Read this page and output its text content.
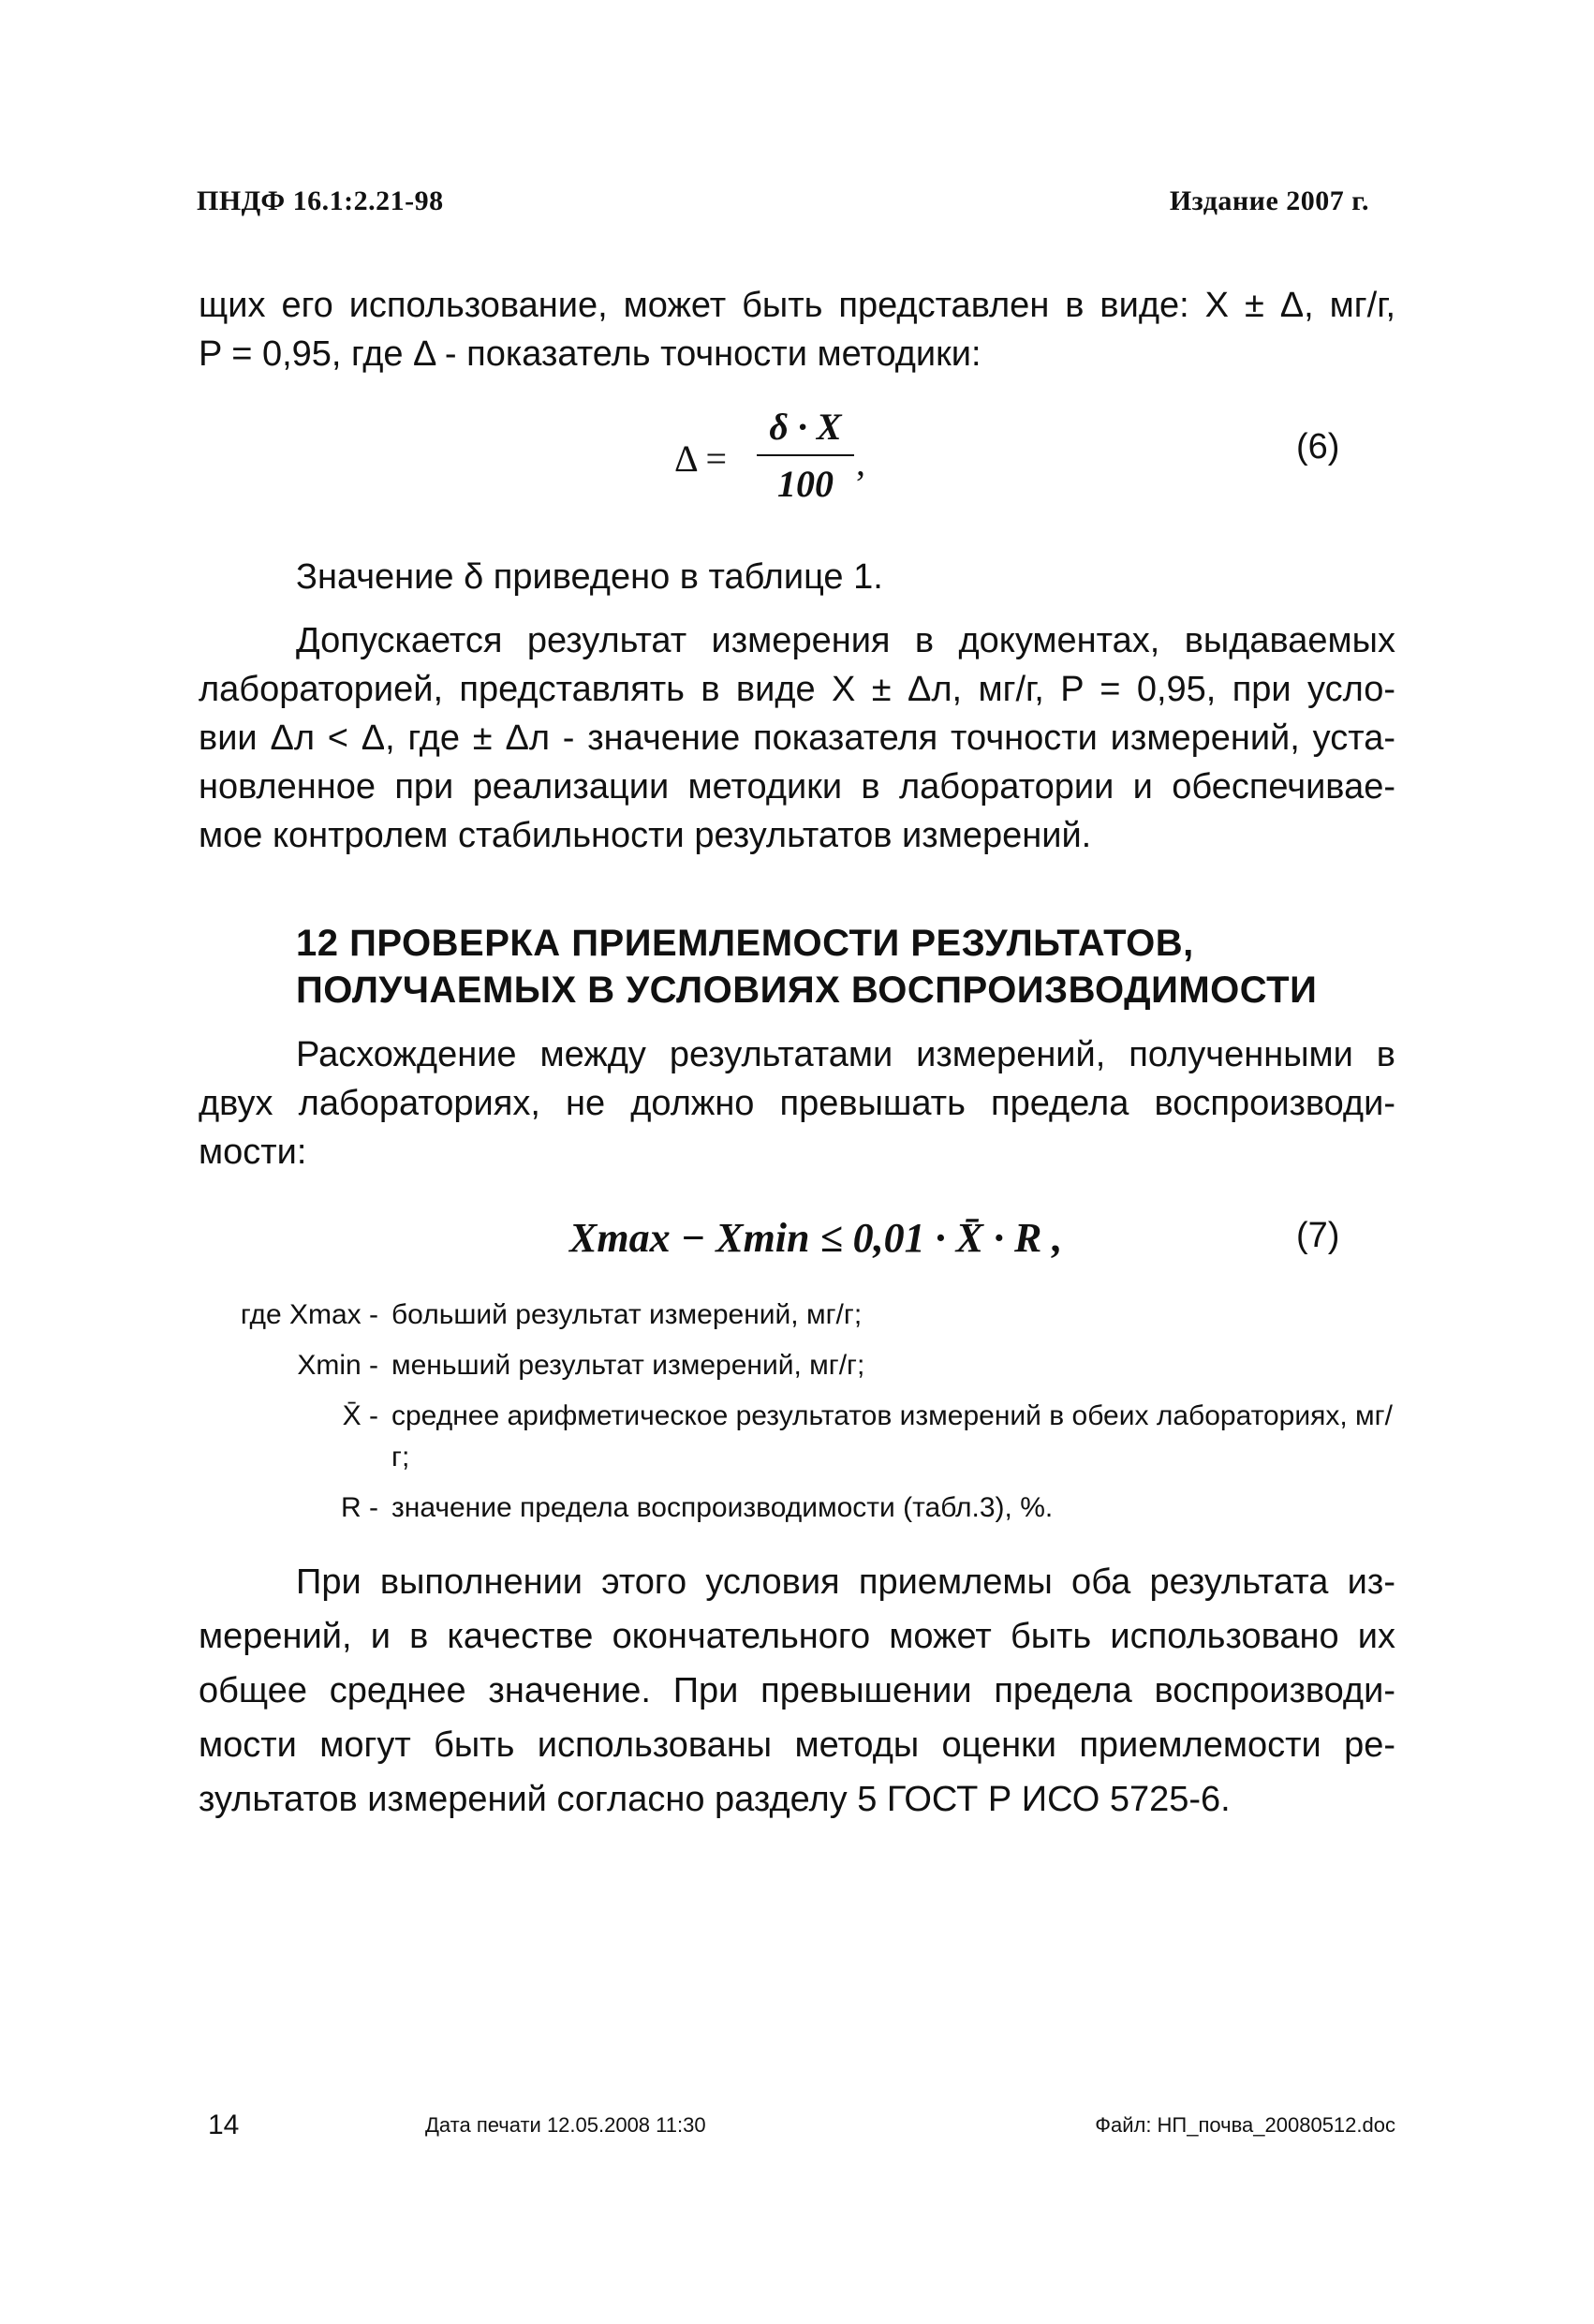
ПНДФ 16.1:2.21-98	Издание 2007 г.
щих его использование, может быть представлен в виде: X ± Δ, мг/г,
P = 0,95, где Δ - показатель точности методики:
Δ =
δ · X
100
,	(6)
Значение δ приведено в таблице 1.
Допускается результат измерения в документах, выдаваемых
лабораторией, представлять в виде X ± Δл, мг/г, P = 0,95, при усло-
вии Δл < Δ, где ± Δл - значение показателя точности измерений, уста-
новленное при реализации методики в лаборатории и обеспечивае-
мое контролем стабильности результатов измерений.
12 ПРОВЕРКА ПРИЕМЛЕМОСТИ РЕЗУЛЬТАТОВ,
ПОЛУЧАЕМЫХ В УСЛОВИЯХ ВОСПРОИЗВОДИМОСТИ
Расхождение между результатами измерений, полученными в
двух лабораториях, не должно превышать предела воспроизводи-
мости:
Xmax − Xmin ≤ 0,01 · X̄ · R ,	(7)
где Xmax - больший результат измерений, мг/г;
Xmin - меньший результат измерений, мг/г;
X̄ - среднее арифметическое результатов измерений в обеих лабораториях, мг/г;
R - значение предела воспроизводимости (табл.3), %.
При выполнении этого условия приемлемы оба результата из-
мерений, и в качестве окончательного может быть использовано их
общее среднее значение. При превышении предела воспроизводи-
мости могут быть использованы методы оценки приемлемости ре-
зультатов измерений согласно разделу 5 ГОСТ Р ИСО 5725-6.
14	Дата печати 12.05.2008 11:30	Файл: НП_почва_20080512.doc
